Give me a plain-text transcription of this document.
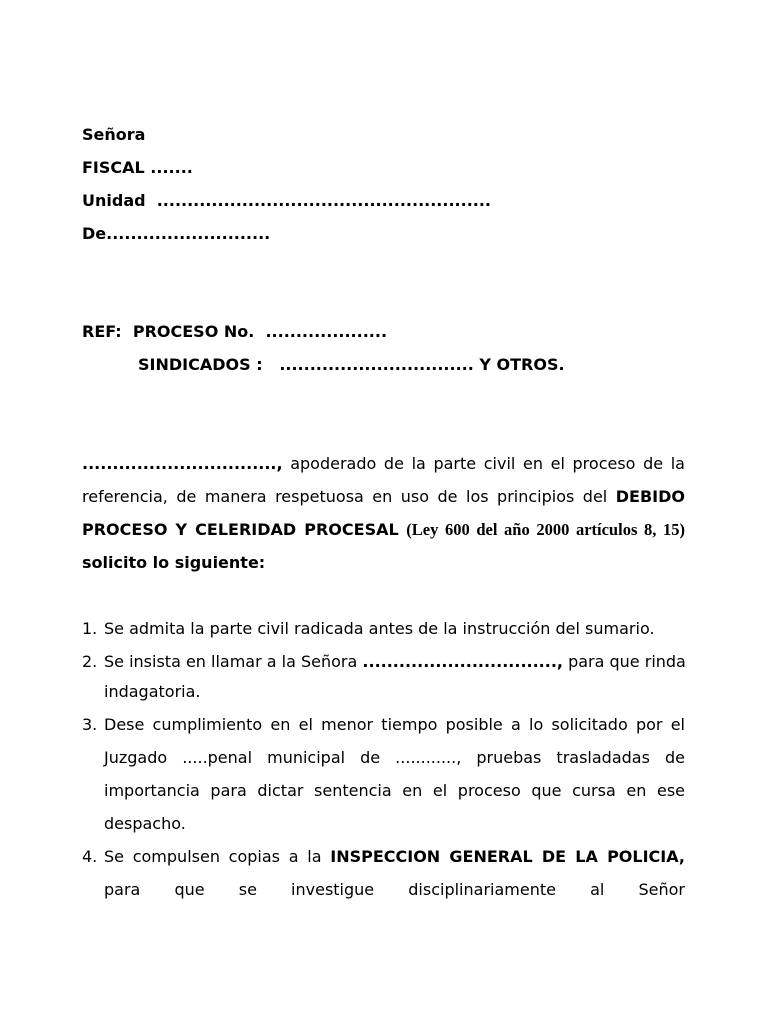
Señora
FISCAL .......
Unidad  .......................................................
De...........................
REF:  PROCESO No.  ....................
SINDICADOS :   ................................ Y OTROS.
................................, apoderado de la parte civil en el proceso de la
referencia, de manera respetuosa en uso de los principios del DEBIDO
PROCESO Y CELERIDAD PROCESAL (Ley 600 del año 2000 artículos 8, 15)
solicito lo siguiente:
1. Se admita la parte civil radicada antes de la instrucción del sumario.
2. Se insista en llamar a la Señora ................................, para que rinda
indagatoria.
3. Dese cumplimiento en el menor tiempo posible a lo solicitado por el
Juzgado .....penal municipal de ............, pruebas trasladadas de
importancia para dictar sentencia en el proceso que cursa en ese
despacho.
4. Se compulsen copias a la INSPECCION GENERAL DE LA POLICIA,
para que se investigue disciplinariamente al Señor
